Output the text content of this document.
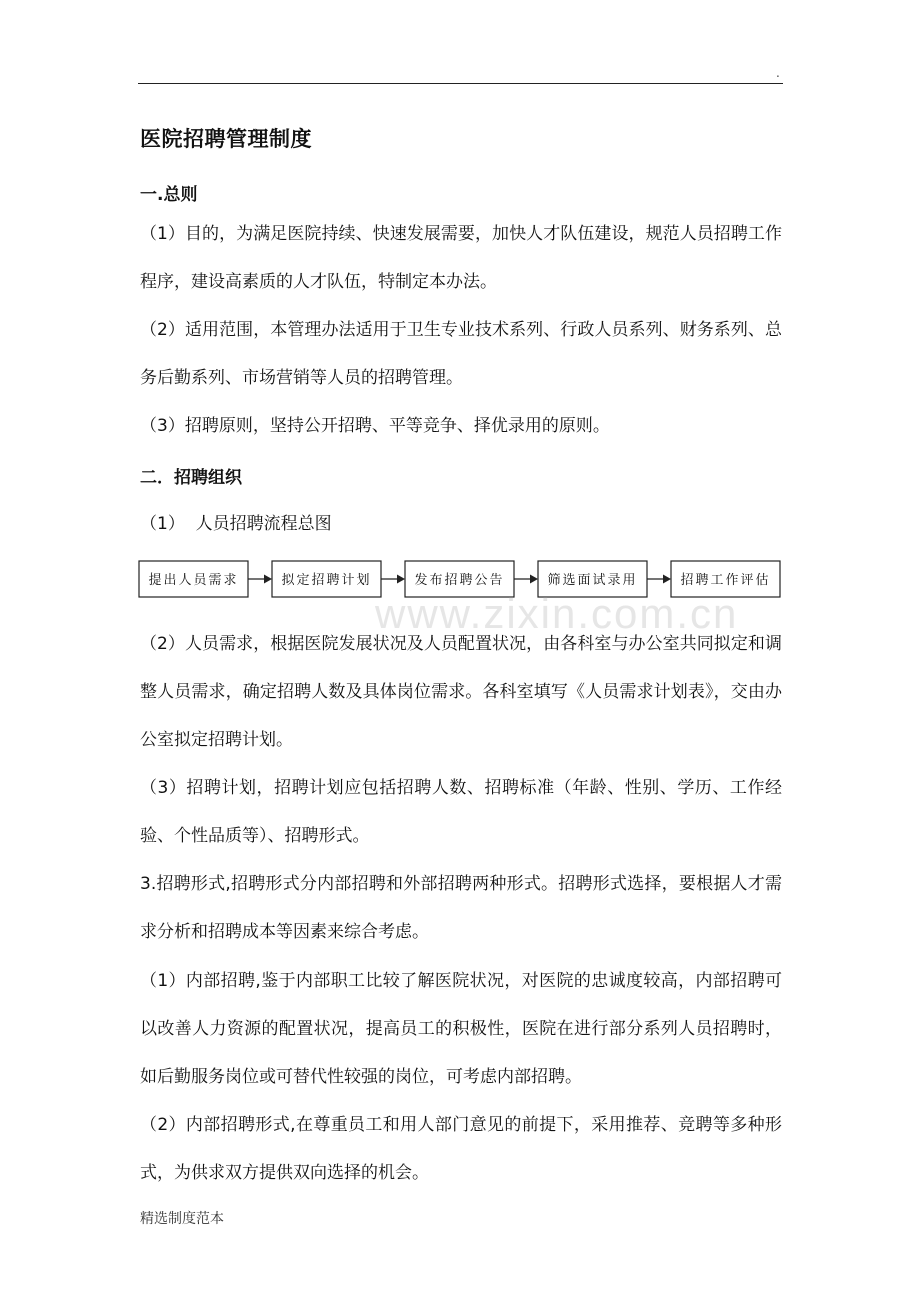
.
医院招聘管理制度
一.总则

（1）目的，为满足医院持续、快速发展需要，加快人才队伍建设，规范人员招聘工作程序，建设高素质的人才队伍，特制定本办法。

（2）适用范围，本管理办法适用于卫生专业技术系列、行政人员系列、财务系列、总务后勤系列、市场营销等人员的招聘管理。

（3）招聘原则，坚持公开招聘、平等竞争、择优录用的原则。

二．招聘组织
（1）  人员招聘流程总图
提出人员需求	拟定招聘计划	发布招聘公告	筛选面试录用	招聘工作评估
www.zixin.com.cn

（2）人员需求，根据医院发展状况及人员配置状况，由各科室与办公室共同拟定和调整人员需求，确定招聘人数及具体岗位需求。各科室填写《人员需求计划表》，交由办公室拟定招聘计划。

（3）招聘计划，招聘计划应包括招聘人数、招聘标准（年龄、性别、学历、工作经验、个性品质等）、招聘形式。

3.招聘形式,招聘形式分内部招聘和外部招聘两种形式。招聘形式选择，要根据人才需求分析和招聘成本等因素来综合考虑。

（1）内部招聘,鉴于内部职工比较了解医院状况，对医院的忠诚度较高，内部招聘可以改善人力资源的配置状况，提高员工的积极性，医院在进行部分系列人员招聘时，如后勤服务岗位或可替代性较强的岗位，可考虑内部招聘。

（2）内部招聘形式,在尊重员工和用人部门意见的前提下，采用推荐、竞聘等多种形式，为供求双方提供双向选择的机会。

精选制度范本
